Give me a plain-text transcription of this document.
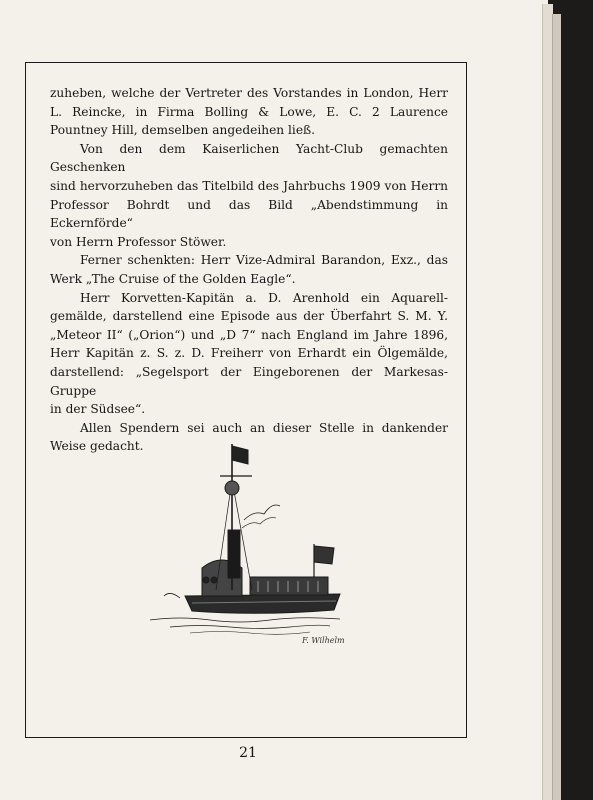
zuheben, welche der Vertreter des Vorstandes in London, Herr

L. Reincke, in Firma Bolling & Lowe, E. C. 2 Laurence

Pountney Hill, demselben angedeihen ließ.

Von den dem Kaiserlichen Yacht-Club gemachten Geschenken

sind hervorzuheben das Titelbild des Jahrbuchs 1909 von Herrn

Professor Bohrdt und das Bild „Abendstimmung in Eckernförde“

von Herrn Professor Stöwer.

Ferner schenkten: Herr Vize-Admiral Barandon, Exz., das

Werk „The Cruise of the Golden Eagle“.

Herr Korvetten-Kapitän a. D. Arenhold ein Aquarell-

gemälde, darstellend eine Episode aus der Überfahrt S. M. Y.

„Meteor II“ („Orion“) und „D 7“ nach England im Jahre 1896,

Herr Kapitän z. S. z. D. Freiherr von Erhardt ein Ölgemälde,

darstellend: „Segelsport der Eingeborenen der Markesas-Gruppe

in der Südsee“.

Allen Spendern sei auch an dieser Stelle in dankender

Weise gedacht.

F. Wilhelm
21
